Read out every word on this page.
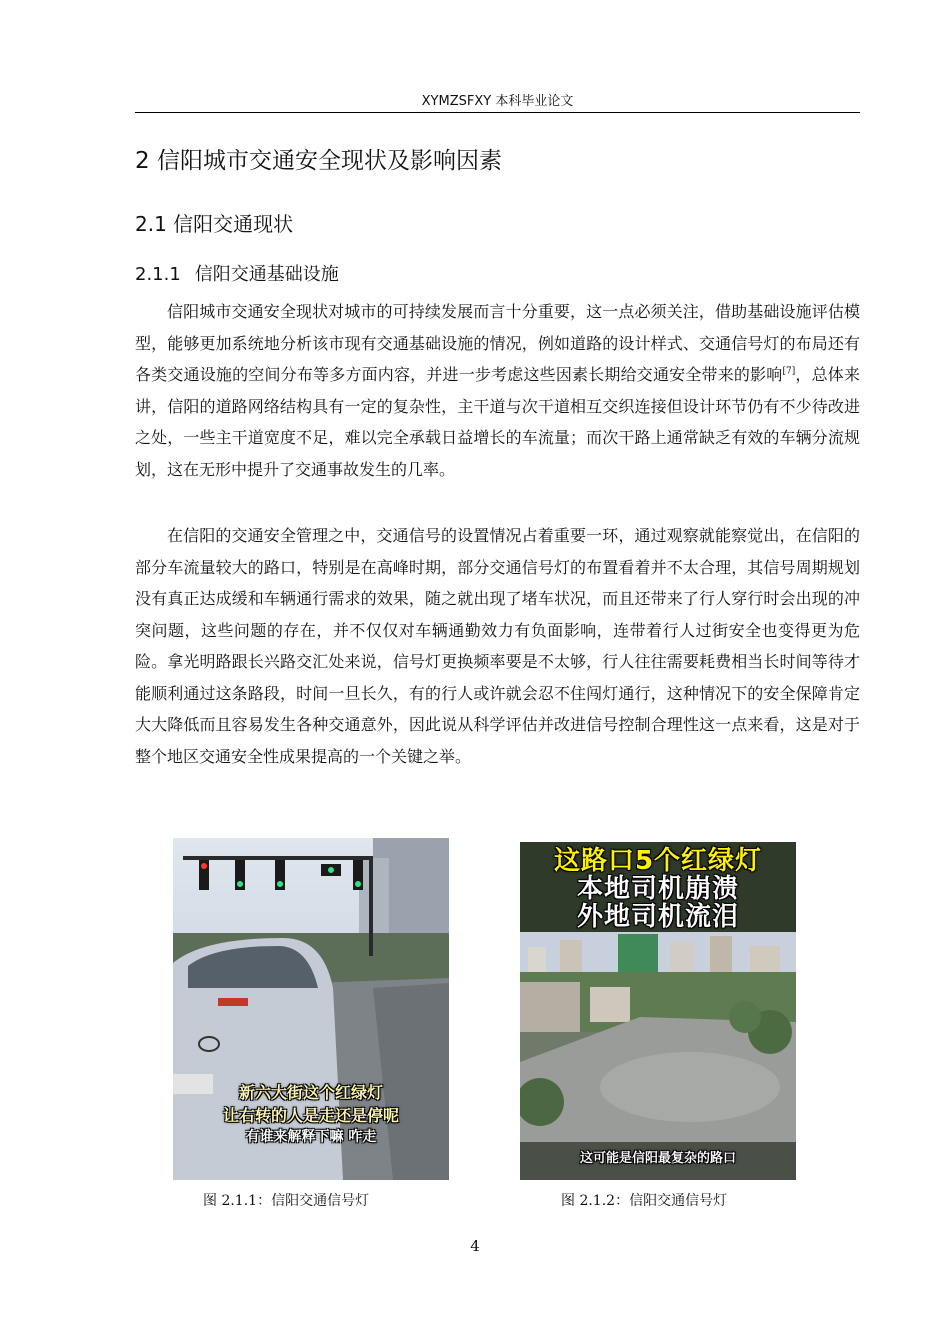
XYMZSFXY 本科毕业论文
2 信阳城市交通安全现状及影响因素
2.1 信阳交通现状
2.1.1 信阳交通基础设施

信阳城市交通安全现状对城市的可持续发展而言十分重要，这一点必须关注，借助基础设施评估模型，能够更加系统地分析该市现有交通基础设施的情况，例如道路的设计样式、交通信号灯的布局还有各类交通设施的空间分布等多方面内容，并进一步考虑这些因素长期给交通安全带来的影响[7]，总体来讲，信阳的道路网络结构具有一定的复杂性，主干道与次干道相互交织连接但设计环节仍有不少待改进之处，一些主干道宽度不足，难以完全承载日益增长的车流量；而次干路上通常缺乏有效的车辆分流规划，这在无形中提升了交通事故发生的几率。

在信阳的交通安全管理之中，交通信号的设置情况占着重要一环，通过观察就能察觉出，在信阳的部分车流量较大的路口，特别是在高峰时期，部分交通信号灯的布置看着并不太合理，其信号周期规划没有真正达成缓和车辆通行需求的效果，随之就出现了堵车状况，而且还带来了行人穿行时会出现的冲突问题，这些问题的存在，并不仅仅对车辆通勤效力有负面影响，连带着行人过街安全也变得更为危险。拿光明路跟长兴路交汇处来说，信号灯更换频率要是不太够，行人往往需要耗费相当长时间等待才能顺利通过这条路段，时间一旦长久，有的行人或许就会忍不住闯灯通行，这种情况下的安全保障肯定大大降低而且容易发生各种交通意外，因此说从科学评估并改进信号控制合理性这一点来看，这是对于整个地区交通安全性成果提高的一个关键之举。

新六大街这个红绿灯
让右转的人是走还是停呢
有谁来解释下嘛 咋走
这路口5个红绿灯
本地司机崩溃
外地司机流泪
这可能是信阳最复杂的路口
图 2.1.1：信阳交通信号灯	图 2.1.2：信阳交通信号灯
4
